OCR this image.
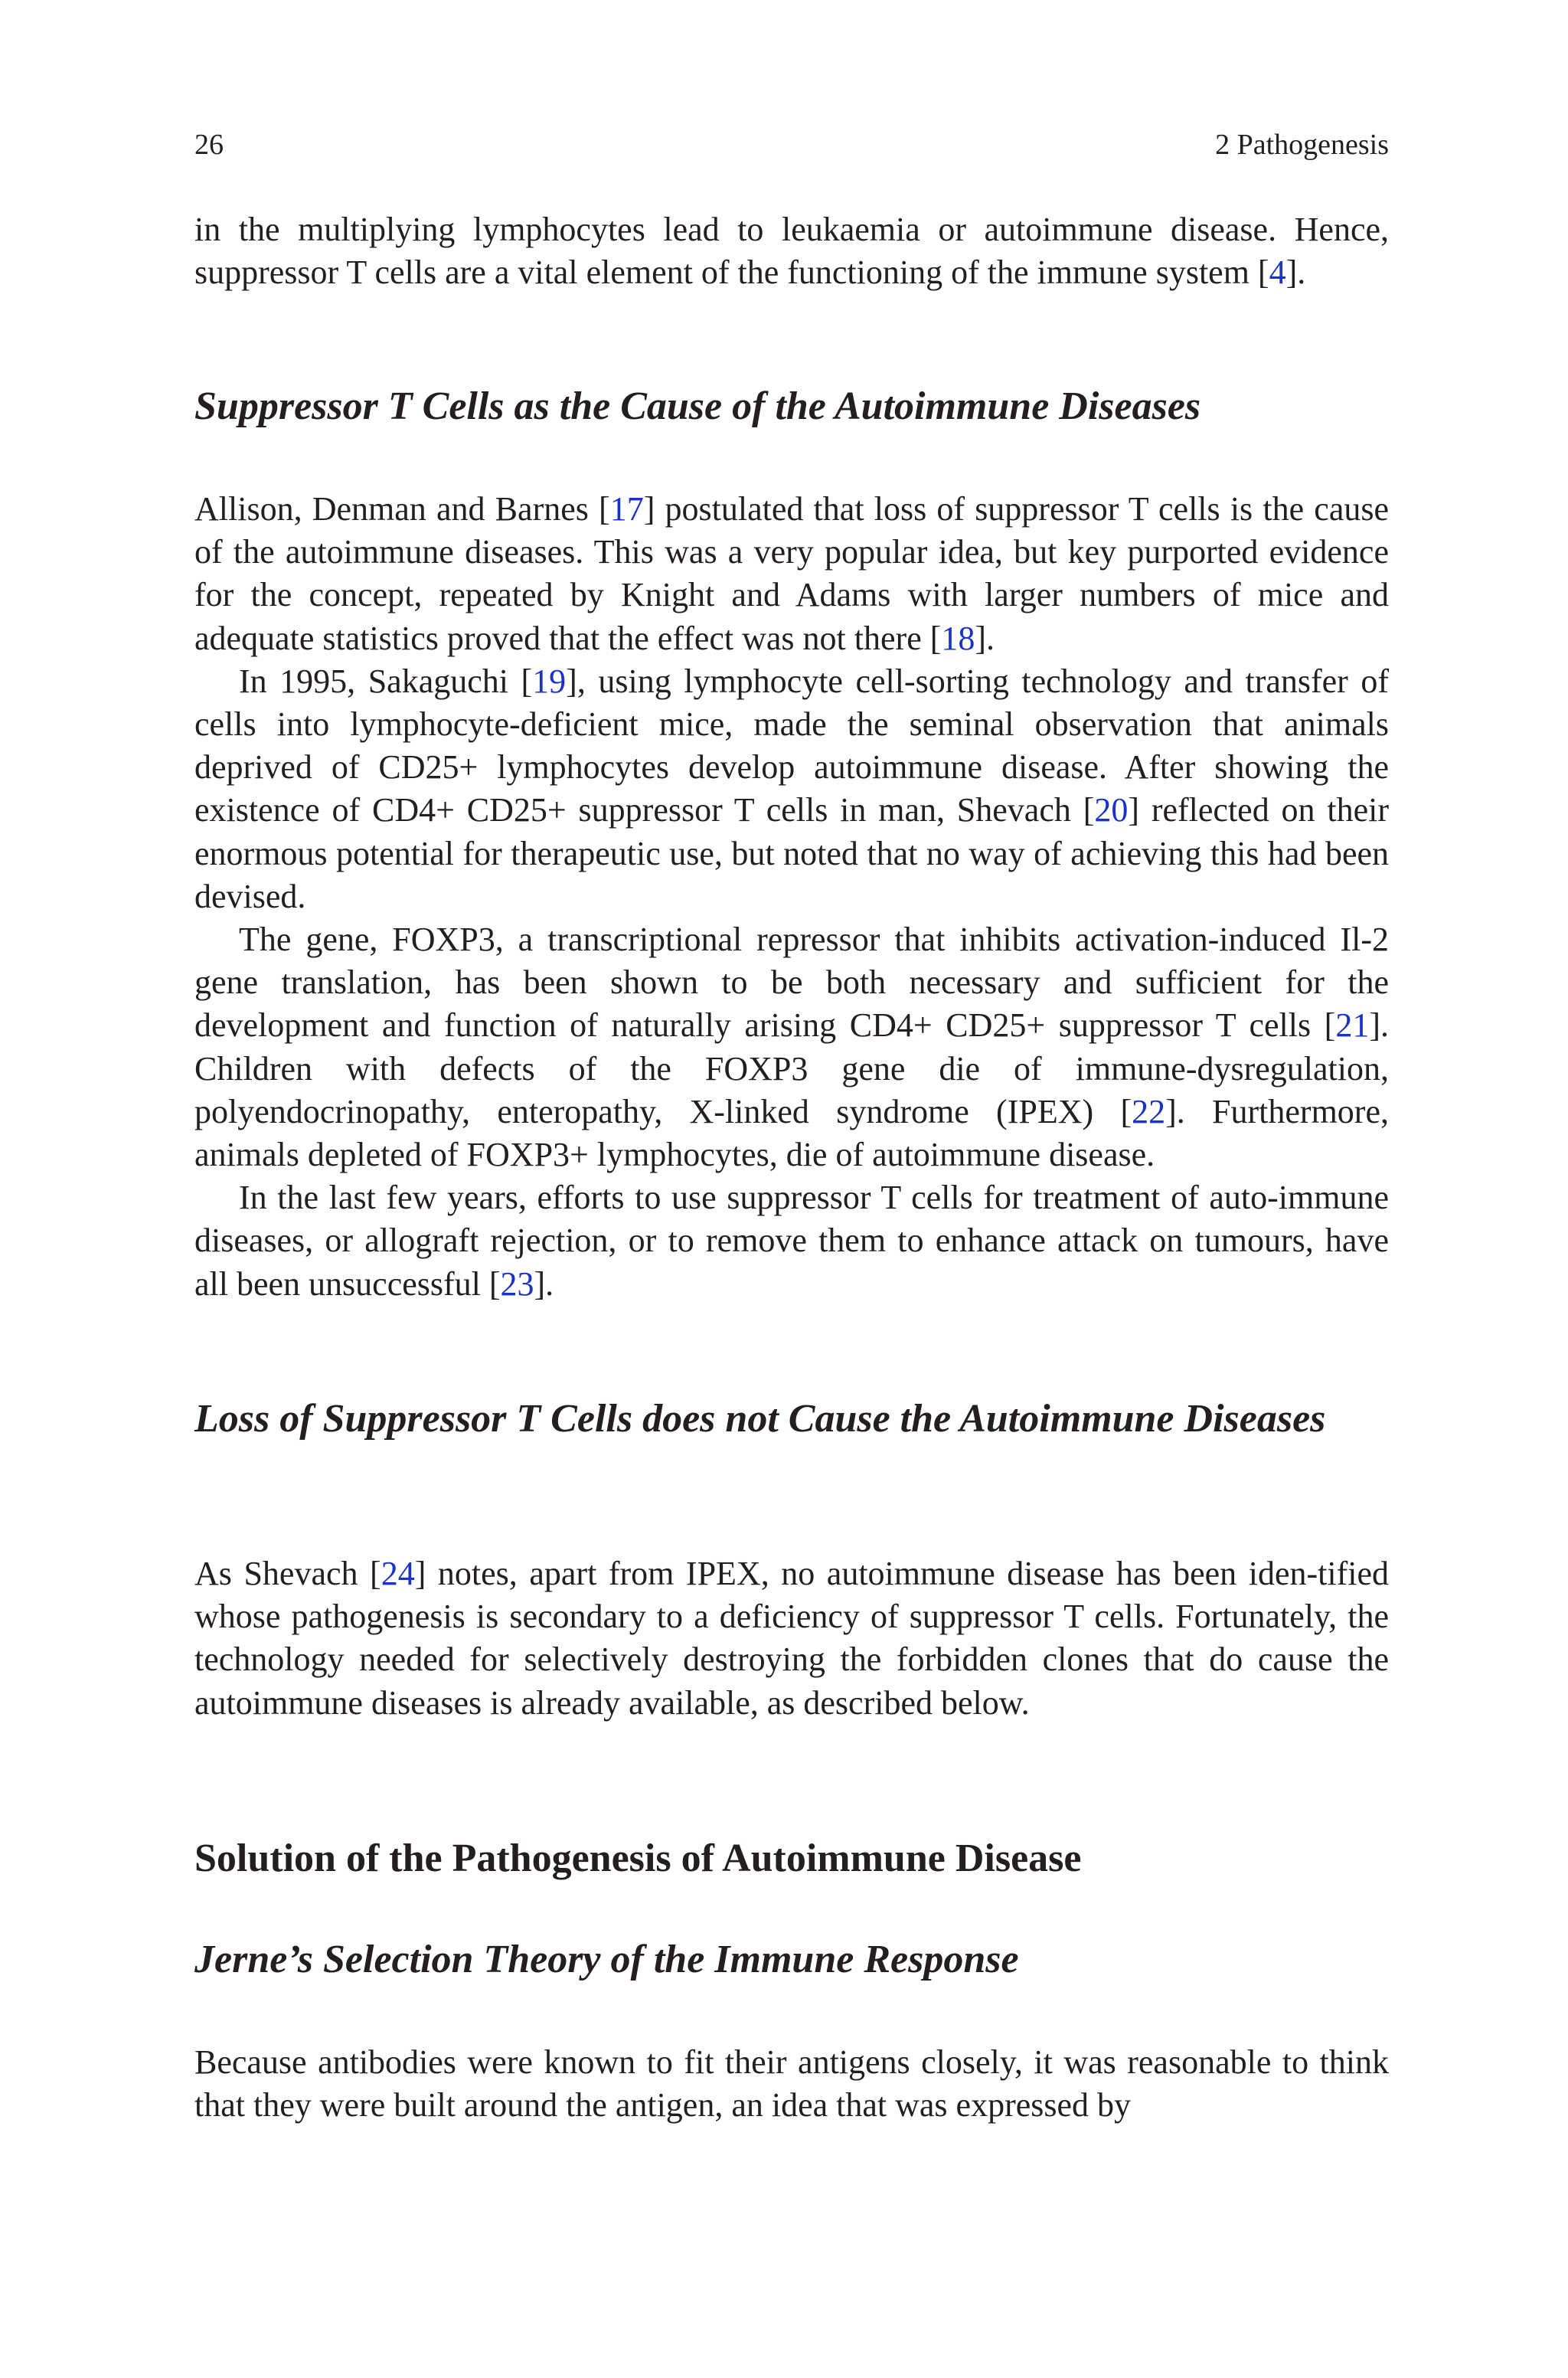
26	2 Pathogenesis

in the multiplying lymphocytes lead to leukaemia or autoimmune disease. Hence, suppressor T cells are a vital element of the functioning of the immune system [4].

Suppressor T Cells as the Cause of the Autoimmune Diseases

Allison, Denman and Barnes [17] postulated that loss of suppressor T cells is the cause of the autoimmune diseases. This was a very popular idea, but key purported evidence for the concept, repeated by Knight and Adams with larger numbers of mice and adequate statistics proved that the effect was not there [18].

In 1995, Sakaguchi [19], using lymphocyte cell-sorting technology and transfer of cells into lymphocyte-deficient mice, made the seminal observation that animals deprived of CD25+ lymphocytes develop autoimmune disease. After showing the existence of CD4+ CD25+ suppressor T cells in man, Shevach [20] reflected on their enormous potential for therapeutic use, but noted that no way of achieving this had been devised.

The gene, FOXP3, a transcriptional repressor that inhibits activation-induced Il-2 gene translation, has been shown to be both necessary and sufficient for the development and function of naturally arising CD4+ CD25+ suppressor T cells [21]. Children with defects of the FOXP3 gene die of immune-dysregulation, polyendocrinopathy, enteropathy, X-linked syndrome (IPEX) [22]. Furthermore, animals depleted of FOXP3+ lymphocytes, die of autoimmune disease.

In the last few years, efforts to use suppressor T cells for treatment of auto-immune diseases, or allograft rejection, or to remove them to enhance attack on tumours, have all been unsuccessful [23].

Loss of Suppressor T Cells does not Cause the Autoimmune Diseases

As Shevach [24] notes, apart from IPEX, no autoimmune disease has been iden-tified whose pathogenesis is secondary to a deficiency of suppressor T cells. Fortunately, the technology needed for selectively destroying the forbidden clones that do cause the autoimmune diseases is already available, as described below.

Solution of the Pathogenesis of Autoimmune Disease
Jerne’s Selection Theory of the Immune Response

Because antibodies were known to fit their antigens closely, it was reasonable to think that they were built around the antigen, an idea that was expressed by
